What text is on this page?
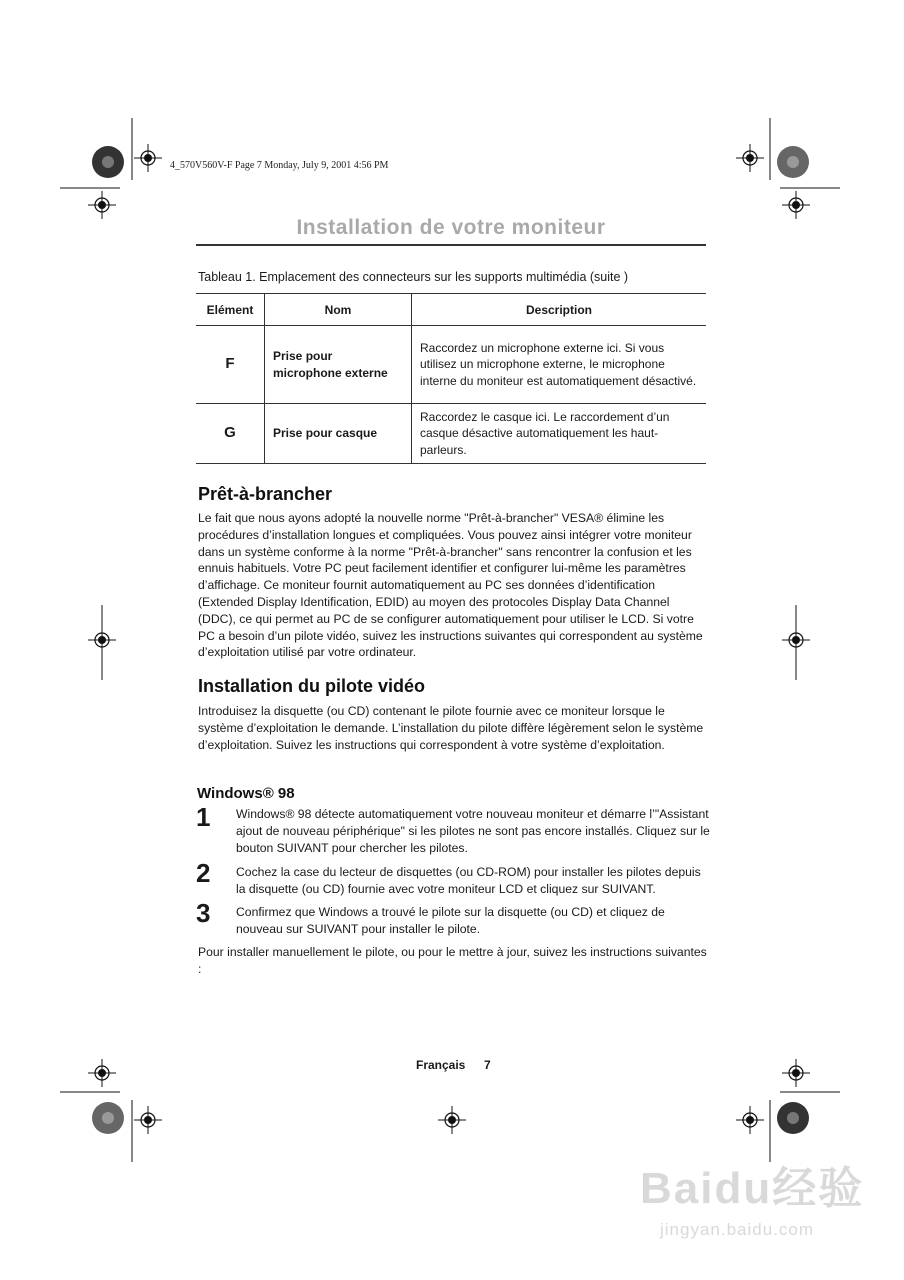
4_570V560V-F Page 7 Monday, July 9, 2001 4:56 PM
Installation de votre moniteur
Tableau 1. Emplacement des connecteurs sur les supports multimédia (suite )
Elément	Nom	Description
F	Prise pour microphone externe	Raccordez un microphone externe ici. Si vous utilisez un microphone externe, le microphone interne du moniteur est automatiquement désactivé.
G	Prise pour casque	Raccordez le casque ici. Le raccordement d’un casque désactive automatiquement les haut-parleurs.
Prêt-à-brancher
Le fait que nous ayons adopté la nouvelle norme "Prêt-à-brancher" VESA® élimine les procédures d’installation longues et compliquées. Vous pouvez ainsi intégrer votre moniteur dans un système conforme à la norme "Prêt-à-brancher" sans rencontrer la confusion et les ennuis habituels. Votre PC peut facilement identifier et configurer lui-même les paramètres d’affichage. Ce moniteur fournit automatiquement au PC ses données d’identification (Extended Display Identification, EDID) au moyen des protocoles Display Data Channel (DDC), ce qui permet au PC de se configurer automatiquement pour utiliser le LCD. Si votre PC a besoin d’un pilote vidéo, suivez les instructions suivantes qui correspondent au système d’exploitation utilisé par votre ordinateur.
Installation du pilote vidéo
Introduisez la disquette (ou CD) contenant le pilote fournie avec ce moniteur lorsque le système d’exploitation le demande. L’installation du pilote diffère légèrement selon le système d’exploitation. Suivez les instructions qui correspondent à votre système d’exploitation.
Windows® 98
1	Windows® 98 détecte automatiquement votre nouveau moniteur et démarre l’"Assistant ajout de nouveau périphérique" si les pilotes ne sont pas encore installés. Cliquez sur le bouton SUIVANT pour chercher les pilotes.
2	Cochez la case du lecteur de disquettes (ou CD-ROM) pour installer les pilotes depuis la disquette (ou CD) fournie avec votre moniteur LCD et cliquez sur SUIVANT.
3	Confirmez que Windows a trouvé le pilote sur la disquette (ou CD) et cliquez de nouveau sur SUIVANT pour installer le pilote.
Pour installer manuellement le pilote, ou pour le mettre à jour, suivez les instructions suivantes :
Français 7
Baidu经验
jingyan.baidu.com
